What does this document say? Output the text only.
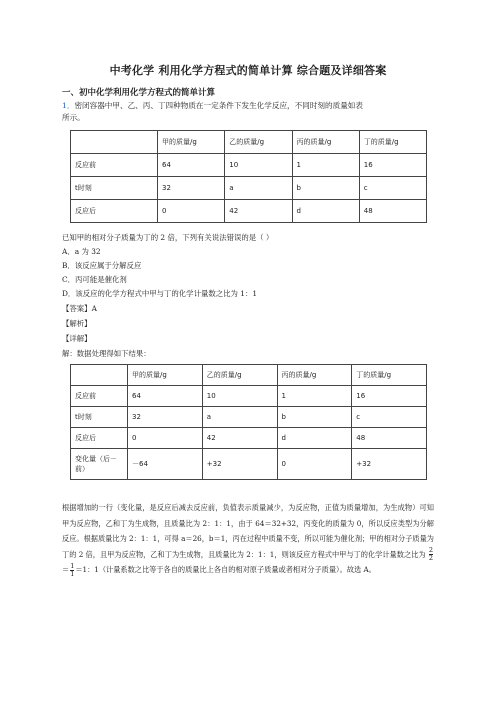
中考化学 利用化学方程式的简单计算 综合题及详细答案
一、初中化学利用化学方程式的简单计算
1．密闭容器中甲、乙、丙、丁四种物质在一定条件下发生化学反应，不同时刻的质量如表
所示。
	甲的质量/g	乙的质量/g	丙的质量/g	丁的质量/g
反应前	64	10	1	16
t时刻	32	a	b	c
反应后	0	42	d	48
已知甲的相对分子质量为丁的 2 倍，下列有关说法错误的是（ ）
A．a 为 32
B．该反应属于分解反应
C．丙可能是催化剂
D．该反应的化学方程式中甲与丁的化学计量数之比为 1：1
【答案】A
【解析】
【详解】
解：数据处理得如下结果：
	甲的质量/g	乙的质量/g	丙的质量/g	丁的质量/g
反应前	64	10	1	16
t时刻	32	a	b	c
反应后	0	42	d	48
变化量（后－前）	－64	+32	0	+32
根据增加的一行（变化量，是反应后减去反应前，负值表示质量减少，为反应物，正值为质量增加，为生成物）可知甲为反应物，乙和丁为生成物，且质量比为 2：1：1，由于 64＝32+32，丙变化的质量为 0，所以反应类型为分解反应。根据质量比为 2：1：1，可得 a＝26，b＝1，丙在过程中质量不变，所以可能为催化剂；甲的相对分子质量为丁的 2 倍，且甲为反应物，乙和丁为生成物，且质量比为 2：1：1，则该反应方程式中甲与丁的化学计量数之比为 $\frac{2}{2}$
＝ $\frac{1}{1} =1$：1（计量系数之比等于各自的质量比上各自的相对原子质量或者相对分子质量）。故选 A。
